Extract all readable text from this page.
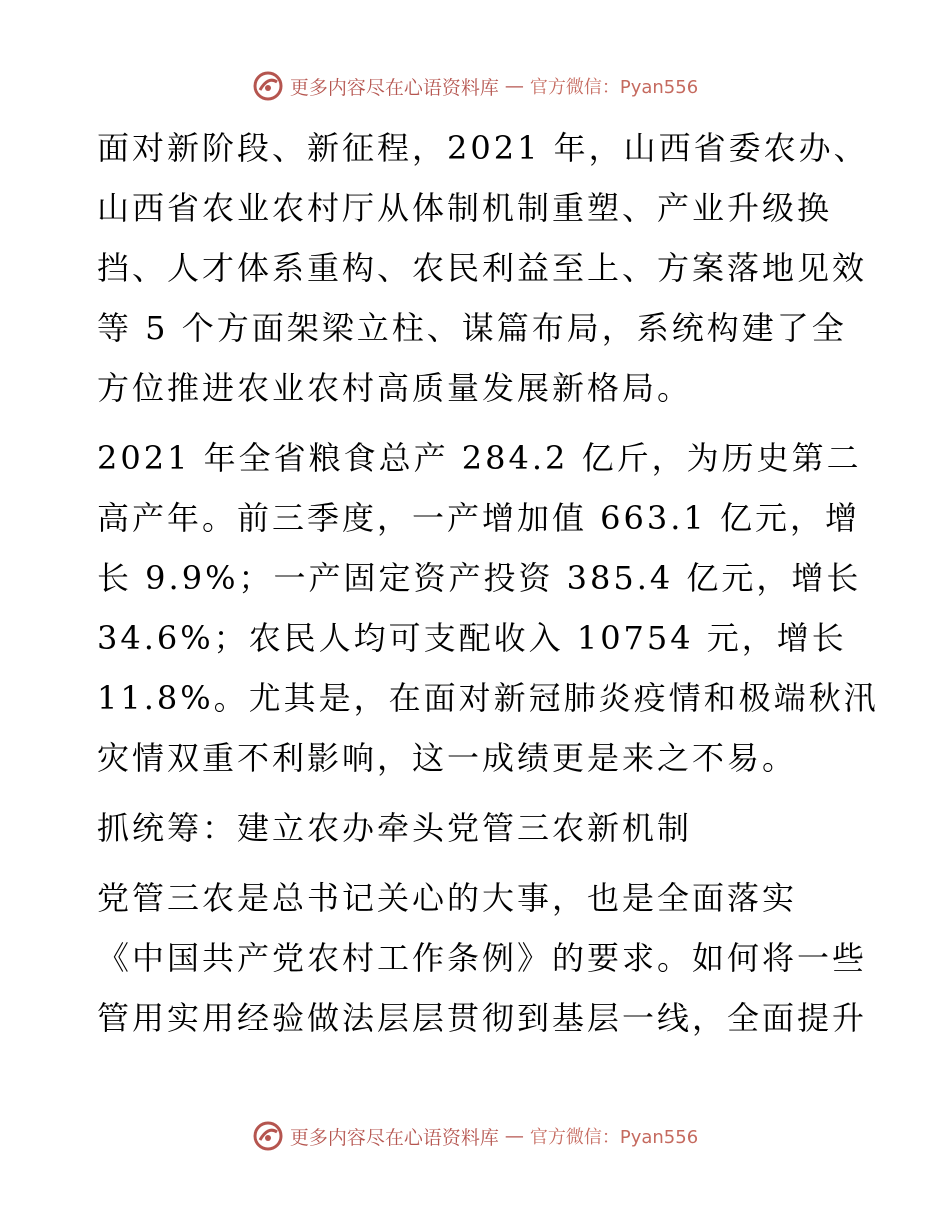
更多内容尽在心语资料库 — 官方微信：Pyan556

面对新阶段、新征程，2021 年，山西省委农办、
山西省农业农村厅从体制机制重塑、产业升级换
挡、人才体系重构、农民利益至上、方案落地见效
等 5 个方面架梁立柱、谋篇布局，系统构建了全
方位推进农业农村高质量发展新格局。

2021 年全省粮食总产 284.2 亿斤，为历史第二
高产年。前三季度，一产增加值 663.1 亿元，增
长 9.9%；一产固定资产投资 385.4 亿元，增长
34.6%；农民人均可支配收入 10754 元，增长
11.8%。尤其是，在面对新冠肺炎疫情和极端秋汛
灾情双重不利影响，这一成绩更是来之不易。

抓统筹：建立农办牵头党管三农新机制

党管三农是总书记关心的大事，也是全面落实
《中国共产党农村工作条例》的要求。如何将一些
管用实用经验做法层层贯彻到基层一线，全面提升

更多内容尽在心语资料库 — 官方微信：Pyan556
